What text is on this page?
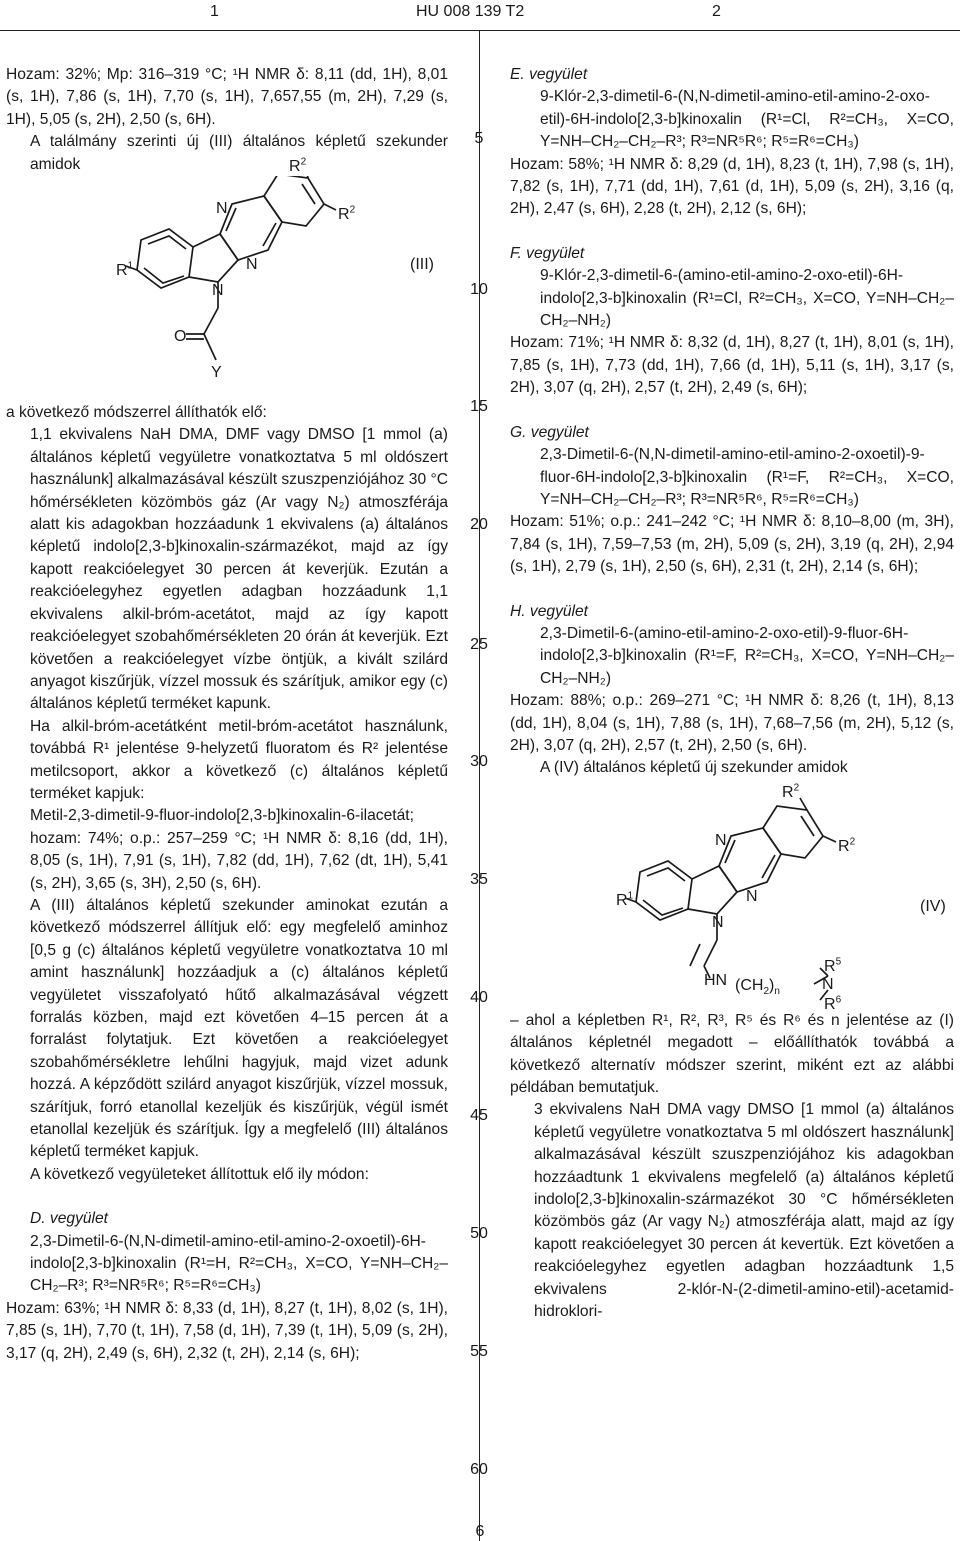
1	HU 008 139 T2	2
5
10
15
20
25
30
35
40
45
50
55
60

Hozam: 32%; Mp: 316–319 °C; ¹H NMR δ: 8,11 (dd, 1H), 8,01 (s, 1H), 7,86 (s, 1H), 7,70 (s, 1H), 7,657,55 (m, 2H), 7,29 (s, 1H), 5,05 (s, 2H), 2,50 (s, 6H).

A találmány szerinti új (III) általános képletű szekunder amidok

$R^1$
$R^2$
$R^2$
N
N
N
O
Y
(III)

a következő módszerrel állíthatók elő:

1,1 ekvivalens NaH DMA, DMF vagy DMSO [1 mmol (a) általános képletű vegyületre vonatkoztatva 5 ml oldószert használunk] alkalmazásával készült szuszpenziójához 30 °C hőmérsékleten közömbös gáz (Ar vagy N₂) atmoszférája alatt kis adagokban hozzáadunk 1 ekvivalens (a) általános képletű indolo[2,3-b]kinoxalin-származékot, majd az így kapott reakcióelegyet 30 percen át keverjük. Ezután a reakcióelegyhez egyetlen adagban hozzáadunk 1,1 ekvivalens alkil-bróm-acetátot, majd az így kapott reakcióelegyet szobahőmérsékleten 20 órán át keverjük. Ezt követően a reakcióelegyet vízbe öntjük, a kivált szilárd anyagot kiszűrjük, vízzel mossuk és szárítjuk, amikor egy (c) általános képletű terméket kapunk.

Ha alkil-bróm-acetátként metil-bróm-acetátot használunk, továbbá R¹ jelentése 9-helyzetű fluoratom és R² jelentése metilcsoport, akkor a következő (c) általános képletű terméket kapjuk:

Metil-2,3-dimetil-9-fluor-indolo[2,3-b]kinoxalin-6-ilacetát; hozam: 74%; o.p.: 257–259 °C; ¹H NMR δ: 8,16 (dd, 1H), 8,05 (s, 1H), 7,91 (s, 1H), 7,82 (dd, 1H), 7,62 (dt, 1H), 5,41 (s, 2H), 3,65 (s, 3H), 2,50 (s, 6H).

A (III) általános képletű szekunder aminokat ezután a következő módszerrel állítjuk elő: egy megfelelő aminhoz [0,5 g (c) általános képletű vegyületre vonatkoztatva 10 ml amint használunk] hozzáadjuk a (c) általános képletű vegyületet visszafolyató hűtő alkalmazásával végzett forralás közben, majd ezt követően 4–15 percen át a forralást folytatjuk. Ezt követően a reakcióelegyet szobahőmérsékletre lehűlni hagyjuk, majd vizet adunk hozzá. A képződött szilárd anyagot kiszűrjük, vízzel mossuk, szárítjuk, forró etanollal kezeljük és kiszűrjük, végül ismét etanollal kezeljük és szárítjuk. Így a megfelelő (III) általános képletű terméket kapjuk.

A következő vegyületeket állítottuk elő ily módon:

D. vegyület

2,3-Dimetil-6-(N,N-dimetil-amino-etil-amino-2-oxoetil)-6H-indolo[2,3-b]kinoxalin (R¹=H, R²=CH₃, X=CO, Y=NH–CH₂–CH₂–R³; R³=NR⁵R⁶; R⁵=R⁶=CH₃)

Hozam: 63%; ¹H NMR δ: 8,33 (d, 1H), 8,27 (t, 1H), 8,02 (s, 1H), 7,85 (s, 1H), 7,70 (t, 1H), 7,58 (d, 1H), 7,39 (t, 1H), 5,09 (s, 2H), 3,17 (q, 2H), 2,49 (s, 6H), 2,32 (t, 2H), 2,14 (s, 6H);

E. vegyület

9-Klór-2,3-dimetil-6-(N,N-dimetil-amino-etil-amino-2-oxo-etil)-6H-indolo[2,3-b]kinoxalin (R¹=Cl, R²=CH₃, X=CO, Y=NH–CH₂–CH₂–R³; R³=NR⁵R⁶; R⁵=R⁶=CH₃)

Hozam: 58%; ¹H NMR δ: 8,29 (d, 1H), 8,23 (t, 1H), 7,98 (s, 1H), 7,82 (s, 1H), 7,71 (dd, 1H), 7,61 (d, 1H), 5,09 (s, 2H), 3,16 (q, 2H), 2,47 (s, 6H), 2,28 (t, 2H), 2,12 (s, 6H);

F. vegyület

9-Klór-2,3-dimetil-6-(amino-etil-amino-2-oxo-etil)-6H-indolo[2,3-b]kinoxalin (R¹=Cl, R²=CH₃, X=CO, Y=NH–CH₂–CH₂–NH₂)

Hozam: 71%; ¹H NMR δ: 8,32 (d, 1H), 8,27 (t, 1H), 8,01 (s, 1H), 7,85 (s, 1H), 7,73 (dd, 1H), 7,66 (d, 1H), 5,11 (s, 1H), 3,17 (s, 2H), 3,07 (q, 2H), 2,57 (t, 2H), 2,49 (s, 6H);

G. vegyület

2,3-Dimetil-6-(N,N-dimetil-amino-etil-amino-2-oxoetil)-9-fluor-6H-indolo[2,3-b]kinoxalin (R¹=F, R²=CH₃, X=CO, Y=NH–CH₂–CH₂–R³; R³=NR⁵R⁶, R⁵=R⁶=CH₃)

Hozam: 51%; o.p.: 241–242 °C; ¹H NMR δ: 8,10–8,00 (m, 3H), 7,84 (s, 1H), 7,59–7,53 (m, 2H), 5,09 (s, 2H), 3,19 (q, 2H), 2,94 (s, 1H), 2,79 (s, 1H), 2,50 (s, 6H), 2,31 (t, 2H), 2,14 (s, 6H);

H. vegyület

2,3-Dimetil-6-(amino-etil-amino-2-oxo-etil)-9-fluor-6H-indolo[2,3-b]kinoxalin (R¹=F, R²=CH₃, X=CO, Y=NH–CH₂–CH₂–NH₂)

Hozam: 88%; o.p.: 269–271 °C; ¹H NMR δ: 8,26 (t, 1H), 8,13 (dd, 1H), 8,04 (s, 1H), 7,88 (s, 1H), 7,68–7,56 (m, 2H), 5,12 (s, 2H), 3,07 (q, 2H), 2,57 (t, 2H), 2,50 (s, 6H).

A (IV) általános képletű új szekunder amidok

$R^1$
$R^2$
$R^2$
N
N
N
HN $(CH_2)_n$
$R^5$
N
$R^6$
(IV)

– ahol a képletben R¹, R², R³, R⁵ és R⁶ és n jelentése az (I) általános képletnél megadott – előállíthatók továbbá a következő alternatív módszer szerint, miként ezt az alábbi példában bemutatjuk.

3 ekvivalens NaH DMA vagy DMSO [1 mmol (a) általános képletű vegyületre vonatkoztatva 5 ml oldószert használunk] alkalmazásával készült szuszpenziójához kis adagokban hozzáadtunk 1 ekvivalens megfelelő (a) általános képletű indolo[2,3-b]kinoxalin-származékot 30 °C hőmérsékleten közömbös gáz (Ar vagy N₂) atmoszférája alatt, majd az így kapott reakcióelegyet 30 percen át kevertük. Ezt követően a reakcióelegyhez egyetlen adagban hozzáadtunk 1,5 ekvivalens 2-klór-N-(2-dimetil-amino-etil)-acetamid-hidroklori-

6
